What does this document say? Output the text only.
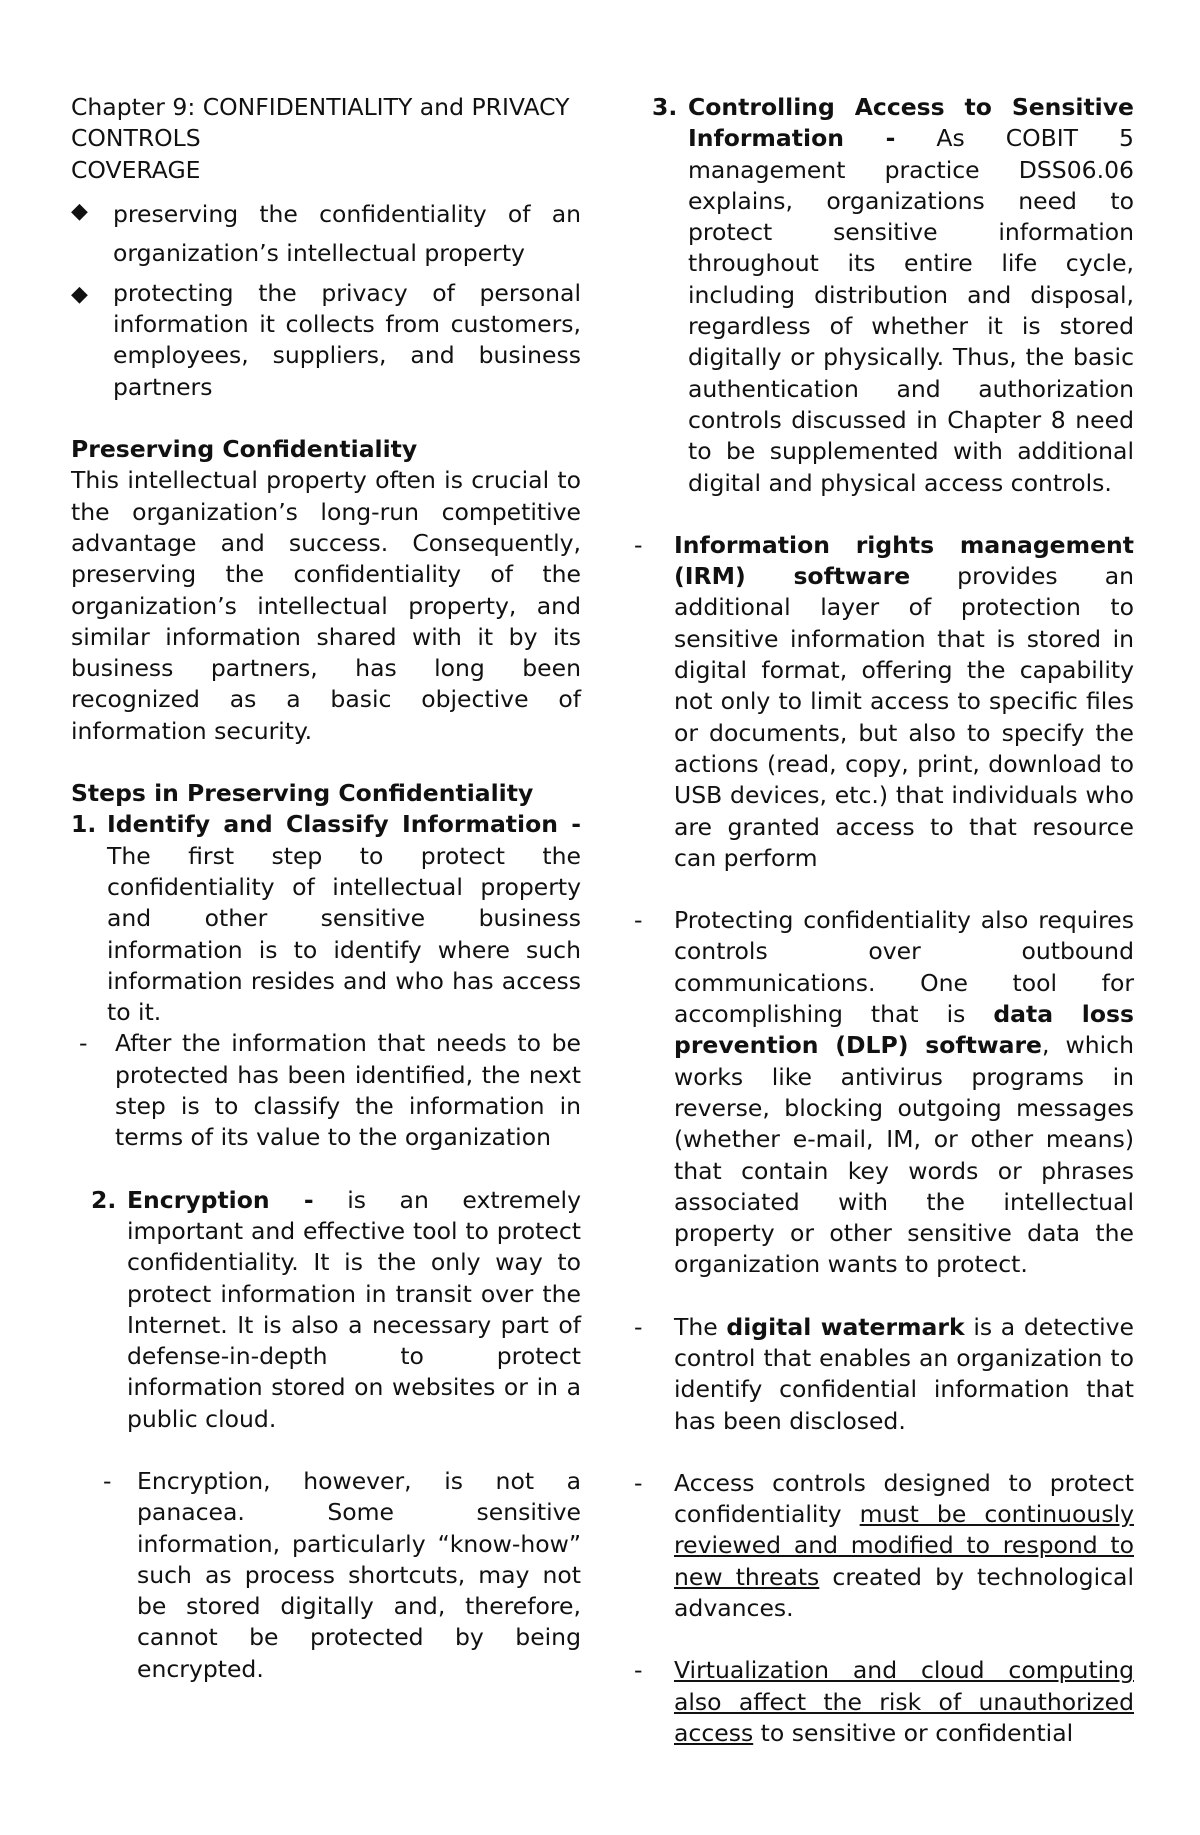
Chapter 9: CONFIDENTIALITY and PRIVACY

CONTROLS

COVERAGE

◆ preserving the confidentiality of an organization’s intellectual property

◆ protecting the privacy of personal information it collects from customers, employees, suppliers, and business partners

Preserving Confidentiality

This intellectual property often is crucial to the organization’s long-run competitive advantage and success. Consequently, preserving the confidentiality of the organization’s intellectual property, and similar information shared with it by its business partners, has long been recognized as a basic objective of information security.

Steps in Preserving Confidentiality

1. Identify and Classify Information - The first step to protect the confidentiality of intellectual property and other sensitive business information is to identify where such information resides and who has access to it.

- After the information that needs to be protected has been identified, the next step is to classify the information in terms of its value to the organization

2. Encryption - is an extremely important and effective tool to protect confidentiality. It is the only way to protect information in transit over the Internet. It is also a necessary part of defense-in-depth to protect information stored on websites or in a public cloud.

- Encryption, however, is not a panacea. Some sensitive information, particularly “know-how” such as process shortcuts, may not be stored digitally and, therefore, cannot be protected by being encrypted.

3. Controlling Access to Sensitive Information - As COBIT 5 management practice DSS06.06 explains, organizations need to protect sensitive information throughout its entire life cycle, including distribution and disposal, regardless of whether it is stored digitally or physically. Thus, the basic authentication and authorization controls discussed in Chapter 8 need to be supplemented with additional digital and physical access controls.

- Information rights management (IRM) software provides an additional layer of protection to sensitive information that is stored in digital format, offering the capability not only to limit access to specific files or documents, but also to specify the actions (read, copy, print, download to USB devices, etc.) that individuals who are granted access to that resource can perform

- Protecting confidentiality also requires controls over outbound communications. One tool for accomplishing that is data loss prevention (DLP) software, which works like antivirus programs in reverse, blocking outgoing messages (whether e-mail, IM, or other means) that contain key words or phrases associated with the intellectual property or other sensitive data the organization wants to protect.

- The digital watermark is a detective control that enables an organization to identify confidential information that has been disclosed.

- Access controls designed to protect confidentiality must be continuously reviewed and modified to respond to new threats created by technological advances.

- Virtualization and cloud computing also affect the risk of unauthorized access to sensitive or confidential
